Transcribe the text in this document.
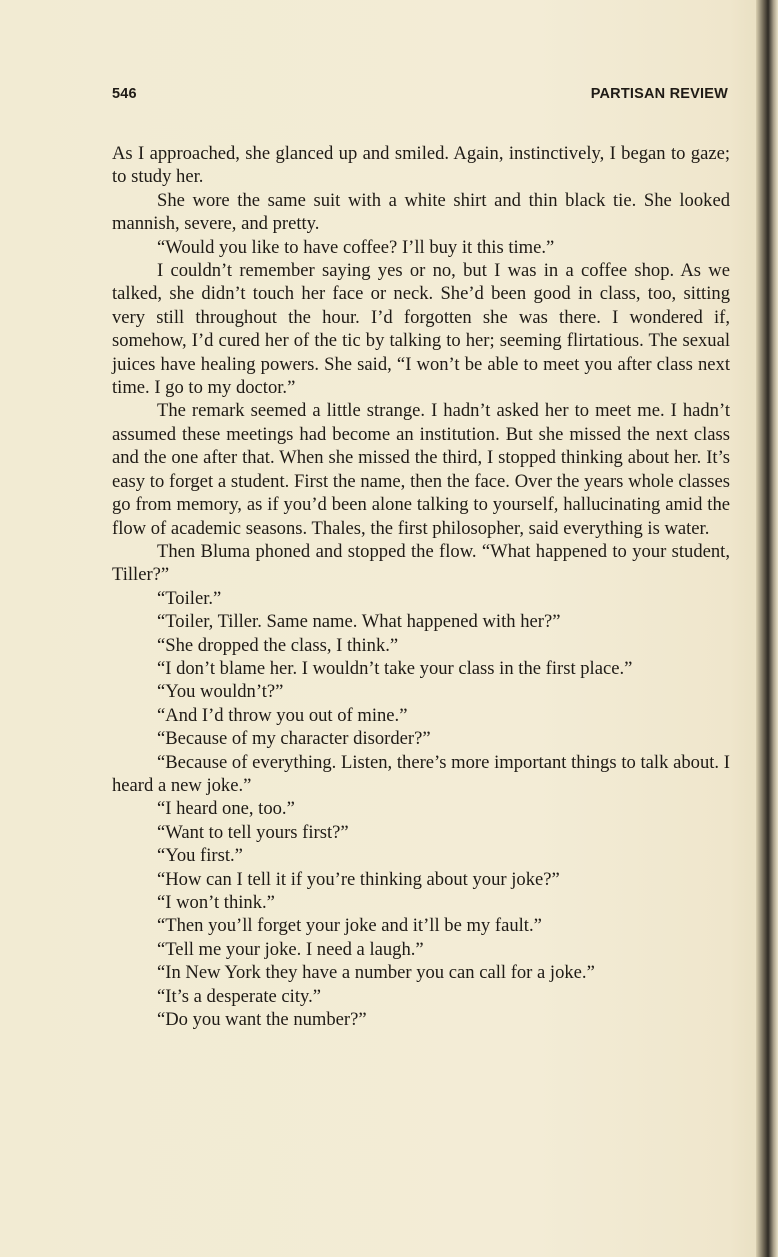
546	PARTISAN REVIEW

As I approached, she glanced up and smiled. Again, instinctively, I began to gaze; to study her.

She wore the same suit with a white shirt and thin black tie. She looked mannish, severe, and pretty.

“Would you like to have coffee? I’ll buy it this time.”

I couldn’t remember saying yes or no, but I was in a coffee shop. As we talked, she didn’t touch her face or neck. She’d been good in class, too, sitting very still throughout the hour. I’d forgotten she was there. I wondered if, somehow, I’d cured her of the tic by talking to her; seeming flirtatious. The sexual juices have healing powers. She said, “I won’t be able to meet you after class next time. I go to my doctor.”

The remark seemed a little strange. I hadn’t asked her to meet me. I hadn’t assumed these meetings had become an institution. But she missed the next class and the one after that. When she missed the third, I stopped thinking about her. It’s easy to forget a student. First the name, then the face. Over the years whole classes go from memory, as if you’d been alone talking to yourself, hallucinating amid the flow of academic seasons. Thales, the first philosopher, said everything is water.

Then Bluma phoned and stopped the flow. “What happened to your student, Tiller?”

“Toiler.”

“Toiler, Tiller. Same name. What happened with her?”

“She dropped the class, I think.”

“I don’t blame her. I wouldn’t take your class in the first place.”

“You wouldn’t?”

“And I’d throw you out of mine.”

“Because of my character disorder?”

“Because of everything. Listen, there’s more important things to talk about. I heard a new joke.”

“I heard one, too.”

“Want to tell yours first?”

“You first.”

“How can I tell it if you’re thinking about your joke?”

“I won’t think.”

“Then you’ll forget your joke and it’ll be my fault.”

“Tell me your joke. I need a laugh.”

“In New York they have a number you can call for a joke.”

“It’s a desperate city.”

“Do you want the number?”
